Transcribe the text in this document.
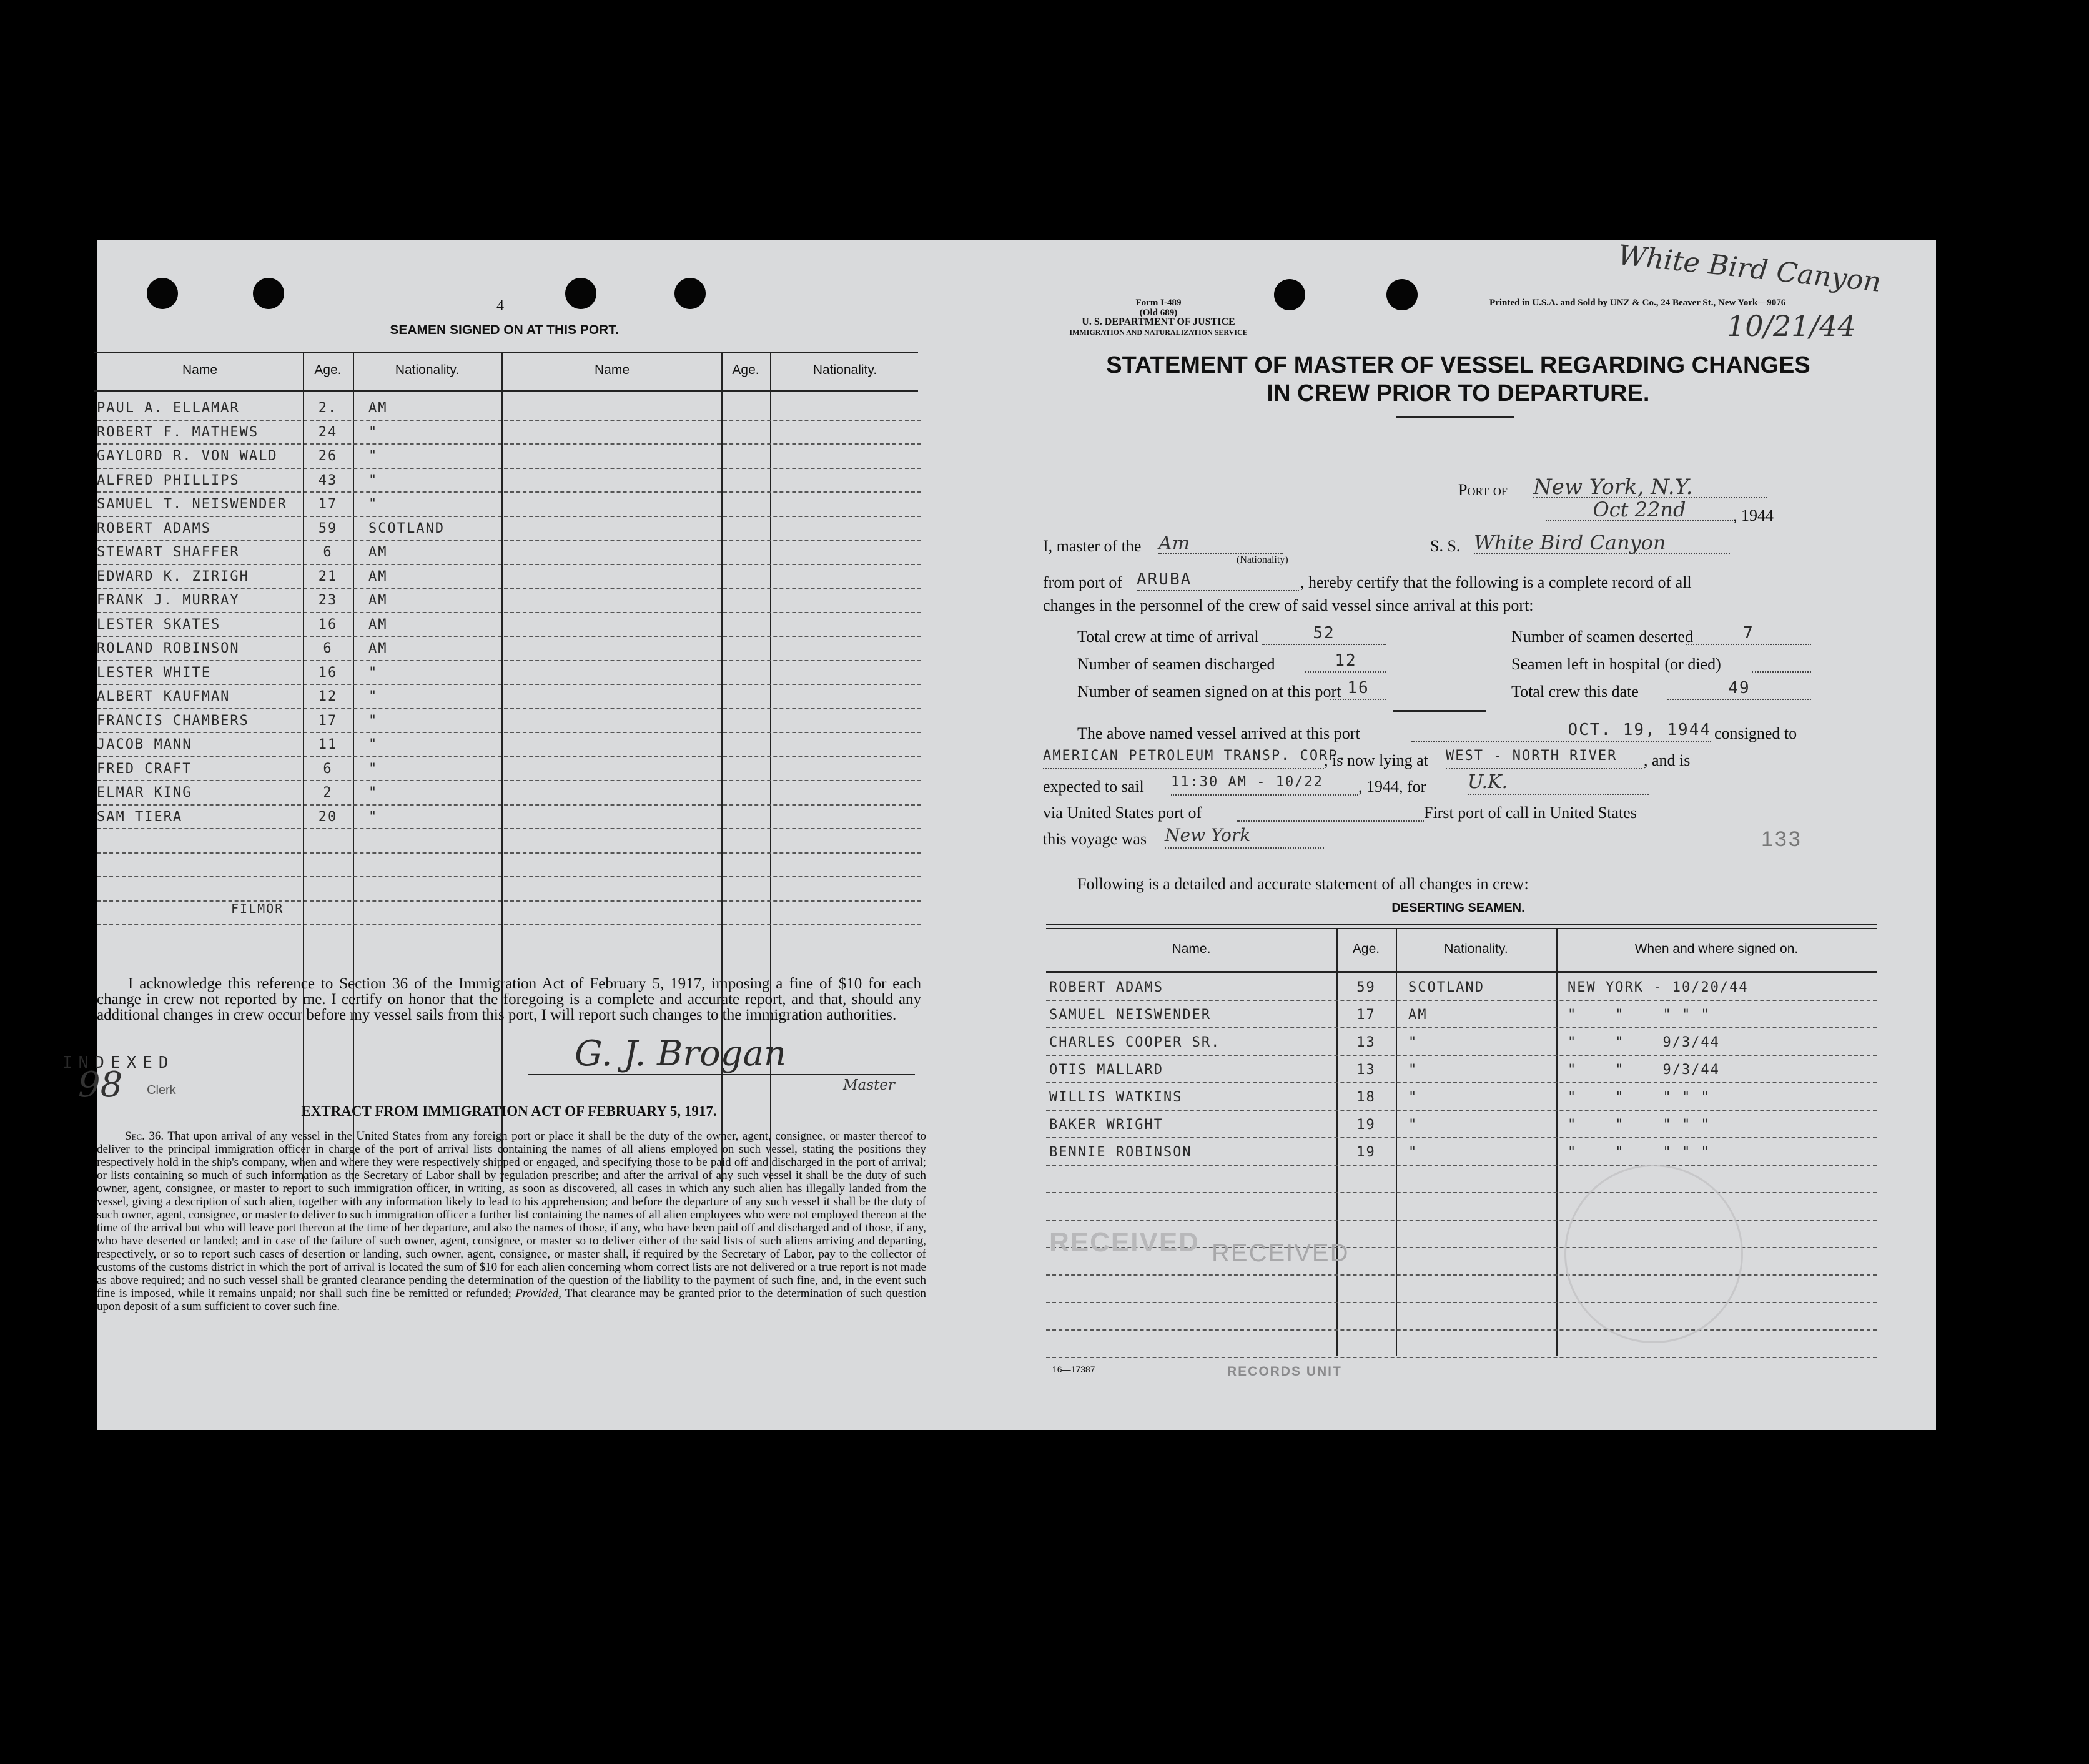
4
SEAMEN SIGNED ON AT THIS PORT.
Name	Age.	Nationality.	Name	Age.	Nationality.
PAUL A. ELLAMAR	2.	AM
ROBERT F. MATHEWS	24	"
GAYLORD R. VON WALD	26	"
ALFRED PHILLIPS	43	"
SAMUEL T. NEISWENDER	17	"
ROBERT ADAMS	59	SCOTLAND
STEWART SHAFFER	6	AM
EDWARD K. ZIRIGH	21	AM
FRANK J. MURRAY	23	AM
LESTER SKATES	16	AM
ROLAND ROBINSON	6	AM
LESTER WHITE	16	"
ALBERT KAUFMAN	12	"
FRANCIS CHAMBERS	17	"
JACOB MANN	11	"
FRED CRAFT	6	"
ELMAR KING	2	"
SAM TIERA	20	"
FILMOR
I acknowledge this reference to Section 36 of the Immigration Act of February 5, 1917, imposing a fine of $10 for each change in crew not reported by me. I certify on honor that the foregoing is a complete and accurate report, and that, should any additional changes in crew occur before my vessel sails from this port, I will report such changes to the immigration authorities.
INDEXED
98 Clerk
G. J. Brogan
Master
EXTRACT FROM IMMIGRATION ACT OF FEBRUARY 5, 1917.
Sec. 36. That upon arrival of any vessel in the United States from any foreign port or place it shall be the duty of the owner, agent, consignee, or master thereof to deliver to the principal immigration officer in charge of the port of arrival lists containing the names of all aliens employed on such vessel, stating the positions they respectively hold in the ship's company, when and where they were respectively shipped or engaged, and specifying those to be paid off and discharged in the port of arrival; or lists containing so much of such information as the Secretary of Labor shall by regulation prescribe; and after the arrival of any such vessel it shall be the duty of such owner, agent, consignee, or master to report to such immigration officer, in writing, as soon as discovered, all cases in which any such alien has illegally landed from the vessel, giving a description of such alien, together with any information likely to lead to his apprehension; and before the departure of any such vessel it shall be the duty of such owner, agent, consignee, or master to deliver to such immigration officer a further list containing the names of all alien employees who were not employed thereon at the time of the arrival but who will leave port thereon at the time of her departure, and also the names of those, if any, who have been paid off and discharged and of those, if any, who have deserted or landed; and in case of the failure of such owner, agent, consignee, or master so to deliver either of the said lists of such aliens arriving and departing, respectively, or so to report such cases of desertion or landing, such owner, agent, consignee, or master shall, if required by the Secretary of Labor, pay to the collector of customs of the customs district in which the port of arrival is located the sum of $10 for each alien concerning whom correct lists are not delivered or a true report is not made as above required; and no such vessel shall be granted clearance pending the determination of the question of the liability to the payment of such fine, and, in the event such fine is imposed, while it remains unpaid; nor shall such fine be remitted or refunded; Provided, That clearance may be granted prior to the determination of such question upon deposit of a sum sufficient to cover such fine.
Form I-489
(Old 689)
U. S. DEPARTMENT OF JUSTICE
IMMIGRATION AND NATURALIZATION SERVICE
Printed in U.S.A. and Sold by UNZ & Co., 24 Beaver St., New York—9076
White Bird Canyon
10/21/44
STATEMENT OF MASTER OF VESSEL REGARDING CHANGES
IN CREW PRIOR TO DEPARTURE.
Port of New York, N.Y.
Oct 22nd	, 1944
I, master of the Am
(Nationality)
S. S. White Bird Canyon
from port of ARUBA	, hereby certify that the following is a complete record of all
changes in the personnel of the crew of said vessel since arrival at this port:
Total crew at time of arrival	52	Number of seamen deserted	7
Number of seamen discharged	12	Seamen left in hospital (or died)
Number of seamen signed on at this port 16	Total crew this date	49
The above named vessel arrived at this port	OCT. 19, 1944 consigned to
AMERICAN PETROLEUM TRANSP. CORP.
, is now lying at WEST - NORTH RIVER	, and is
expected to sail 11:30 AM - 10/22	, 1944, for U.K.
via United States port of	First port of call in United States
this voyage was New York	133
Following is a detailed and accurate statement of all changes in crew:
DESERTING SEAMEN.
Name.	Age.	Nationality.	When and where signed on.
ROBERT ADAMS	59	SCOTLAND	NEW YORK - 10/20/44
SAMUEL NEISWENDER	17	AM	"    "    " " "
CHARLES COOPER SR.	13	"	"    "    9/3/44
OTIS MALLARD	13	"	"    "    9/3/44
WILLIS WATKINS	18	"	"    "    " " "
BAKER WRIGHT	19	"	"    "    " " "
BENNIE ROBINSON	19	"	"    "    " " "
RECEIVED RECEIVED
RECORDS UNIT
16—17387
